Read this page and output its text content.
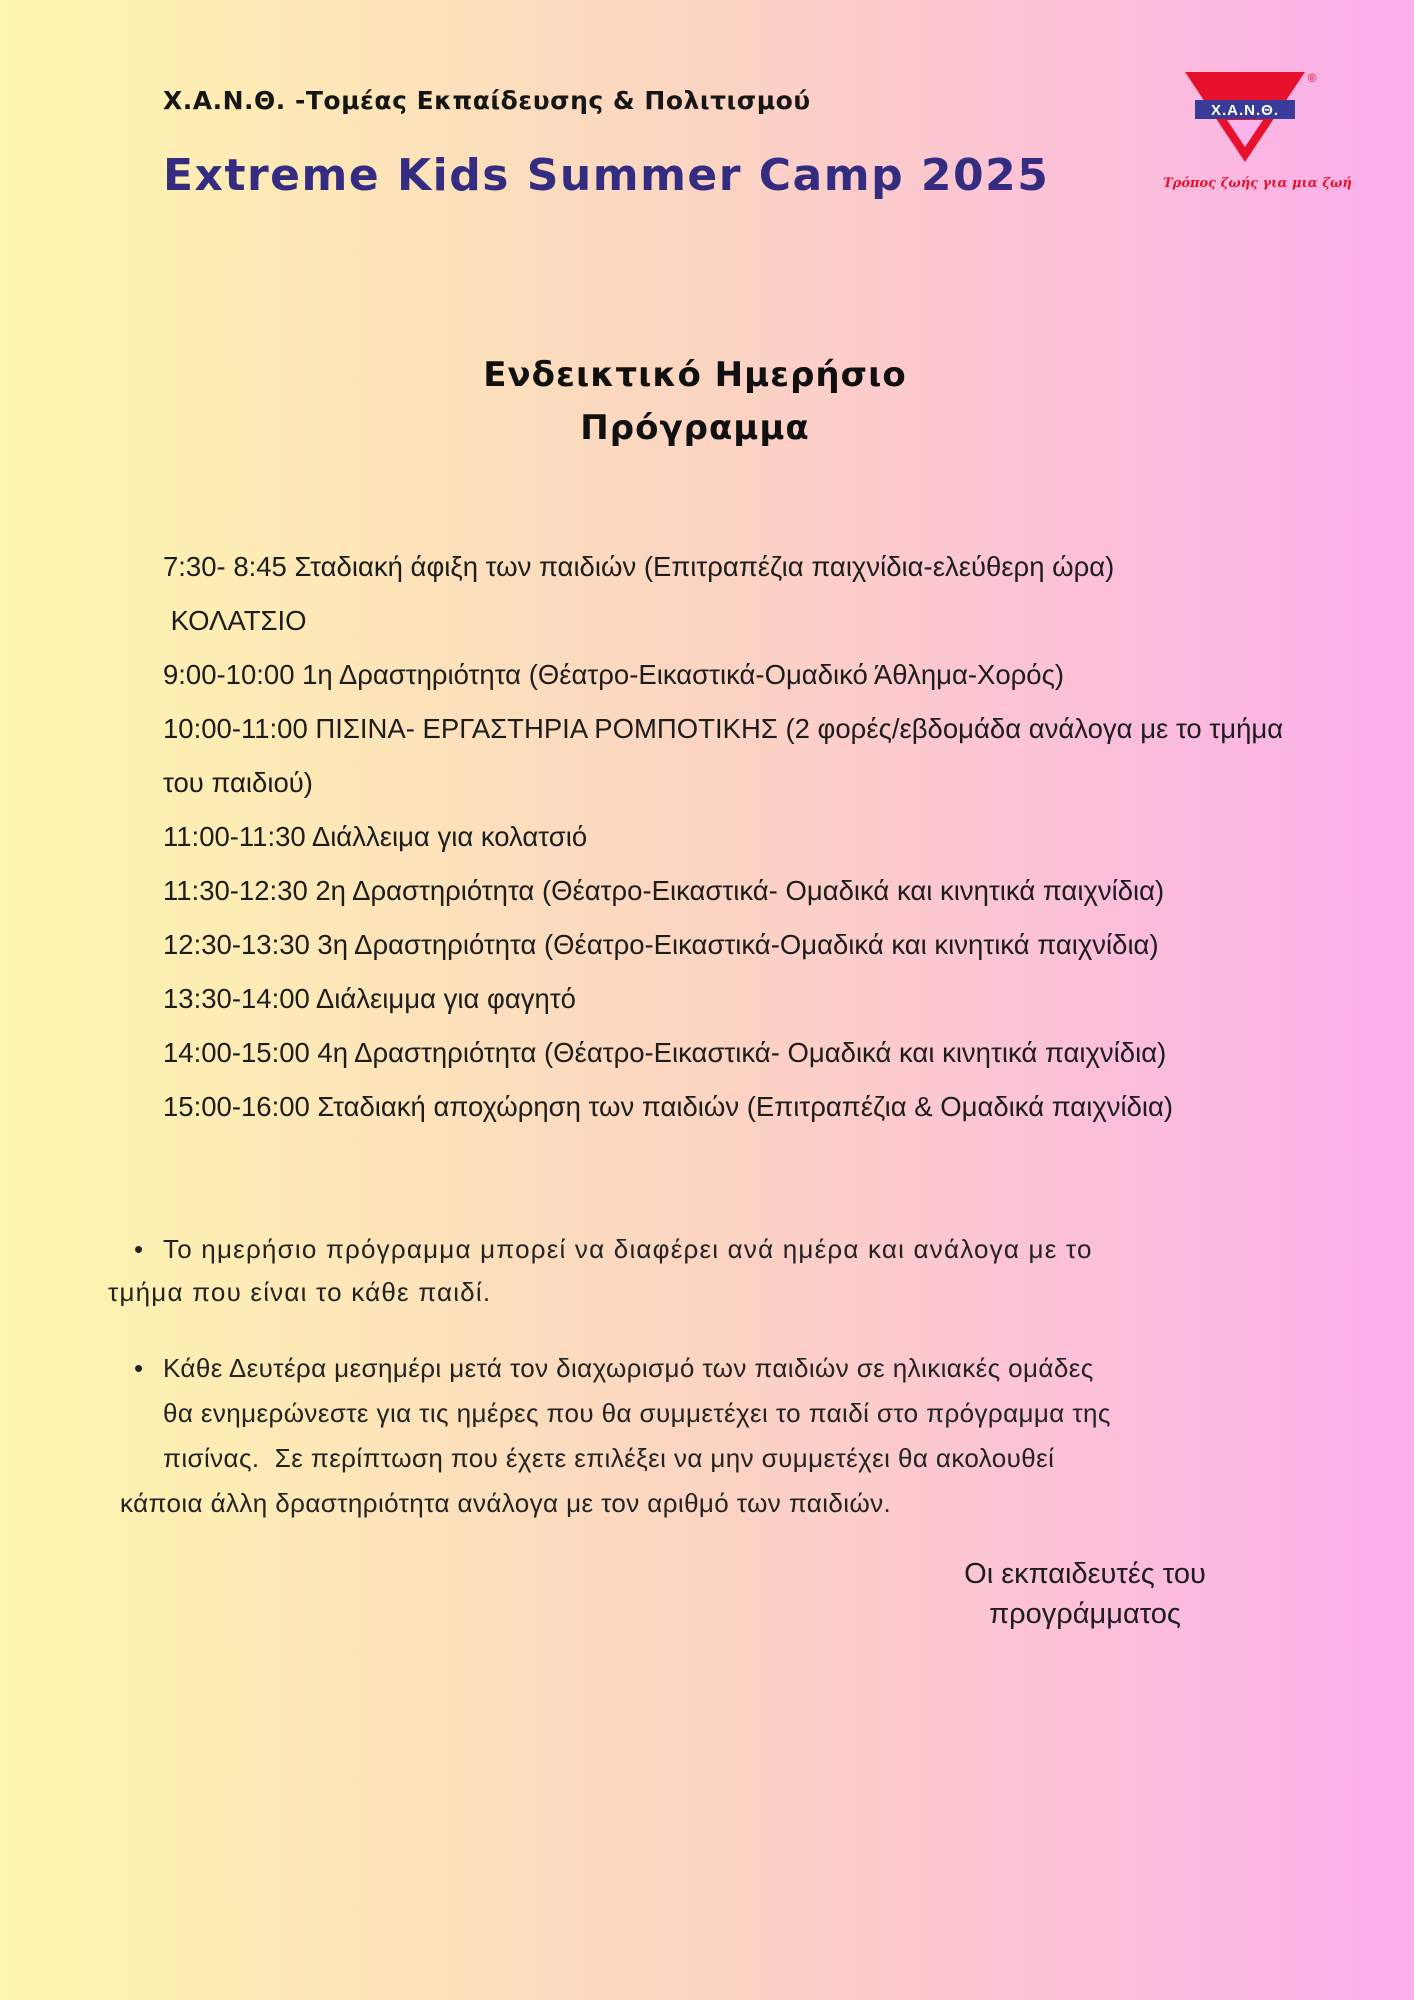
Χ.Α.Ν.Θ. -Τομέας Εκπαίδευσης & Πολιτισμού
Extreme Kids Summer Camp 2025
Χ.Α.Ν.Θ.
®
Τρόπος ζωής για μια ζωή
Ενδεικτικό Ημερήσιο
Πρόγραμμα
7:30- 8:45 Σταδιακή άφιξη των παιδιών (Επιτραπέζια παιχνίδια-ελεύθερη ώρα)
ΚΟΛΑΤΣΙΟ
9:00-10:00 1η Δραστηριότητα (Θέατρο-Εικαστικά-Ομαδικό Άθλημα-Χορός)
10:00-11:00 ΠΙΣΙΝΑ- ΕΡΓΑΣΤΗΡΙΑ ΡΟΜΠΟΤΙΚΗΣ (2 φορές/εβδομάδα ανάλογα με το τμήμα
του παιδιού)
11:00-11:30 Διάλλειμα για κολατσιό
11:30-12:30 2η Δραστηριότητα (Θέατρο-Εικαστικά- Ομαδικά και κινητικά παιχνίδια)
12:30-13:30 3η Δραστηριότητα (Θέατρο-Εικαστικά-Ομαδικά και κινητικά παιχνίδια)
13:30-14:00 Διάλειμμα για φαγητό
14:00-15:00 4η Δραστηριότητα (Θέατρο-Εικαστικά- Ομαδικά και κινητικά παιχνίδια)
15:00-16:00 Σταδιακή αποχώρηση των παιδιών (Επιτραπέζια & Ομαδικά παιχνίδια)
• Το ημερήσιο πρόγραμμα μπορεί να διαφέρει ανά ημέρα και ανάλογα με το
τμήμα που είναι το κάθε παιδί.
• Κάθε Δευτέρα μεσημέρι μετά τον διαχωρισμό των παιδιών σε ηλικιακές ομάδες
θα ενημερώνεστε για τις ημέρες που θα συμμετέχει το παιδί στο πρόγραμμα της
πισίνας.  Σε περίπτωση που έχετε επιλέξει να μην συμμετέχει θα ακολουθεί
κάποια άλλη δραστηριότητα ανάλογα με τον αριθμό των παιδιών.
Οι εκπαιδευτές του
προγράμματος
